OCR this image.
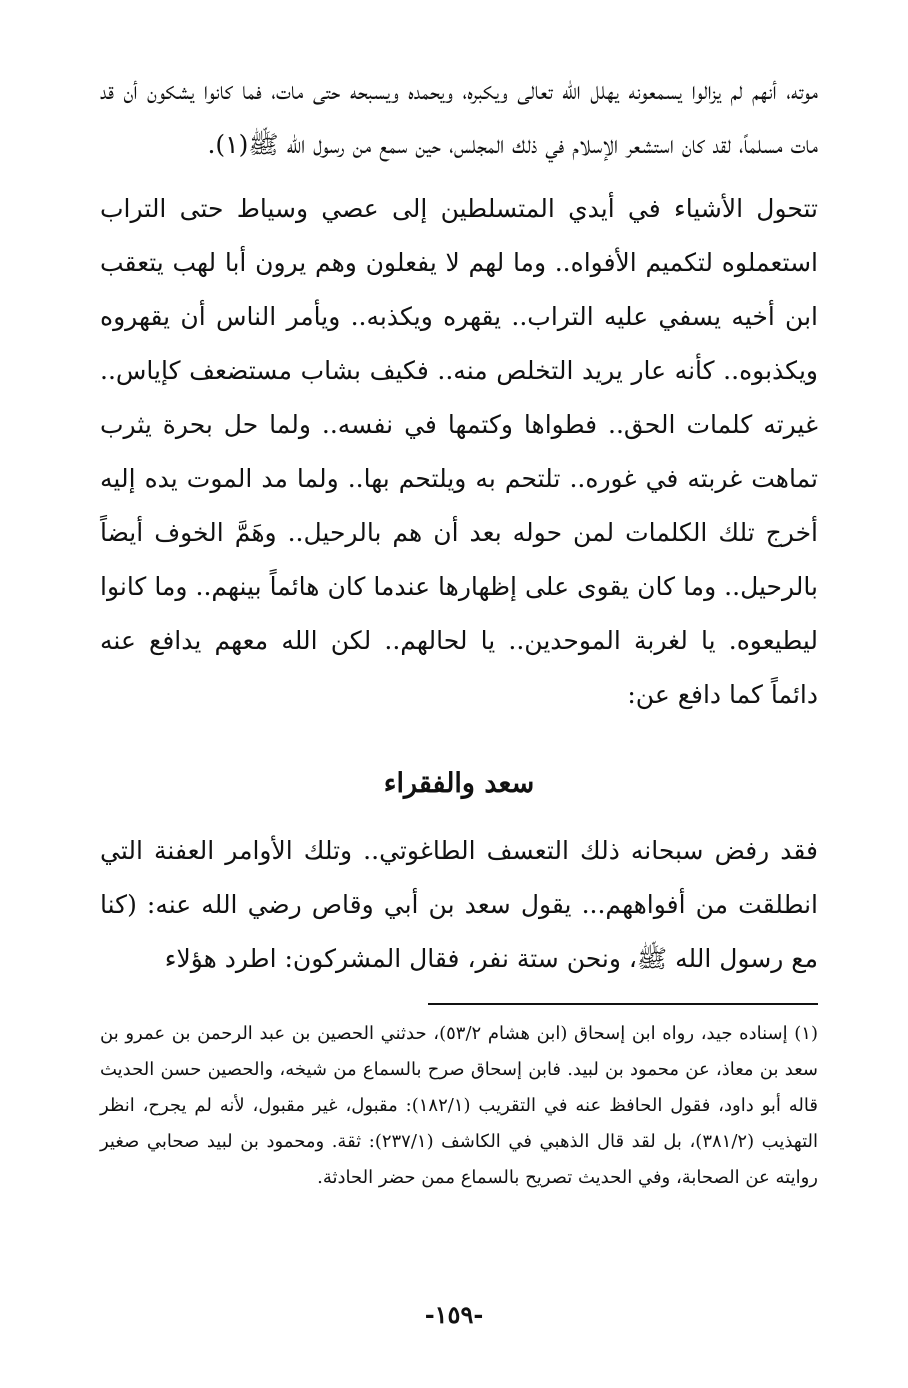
موته، أنهم لم يزالوا يسمعونه يهلل الله تعالى ويكبره، ويحمده ويسبحه حتى مات، فما كانوا يشكون أن قد مات مسلماً، لقد كان استشعر الإسلام في ذلك المجلس، حين سمع من رسول الله ﷺ(١).

تتحول الأشياء في أيدي المتسلطين إلى عصي وسياط حتى التراب استعملوه لتكميم الأفواه.. وما لهم لا يفعلون وهم يرون أبا لهب يتعقب ابن أخيه يسفي عليه التراب.. يقهره ويكذبه.. ويأمر الناس أن يقهروه ويكذبوه.. كأنه عار يريد التخلص منه.. فكيف بشاب مستضعف كإياس.. غيرته كلمات الحق.. فطواها وكتمها في نفسه.. ولما حل بحرة يثرب تماهت غربته في غوره.. تلتحم به ويلتحم بها.. ولما مد الموت يده إليه أخرج تلك الكلمات لمن حوله بعد أن هم بالرحيل.. وهَمَّ الخوف أيضاً بالرحيل.. وما كان يقوى على إظهارها عندما كان هائماً بينهم.. وما كانوا ليطيعوه. يا لغربة الموحدين.. يا لحالهم.. لكن الله معهم يدافع عنه دائماً كما دافع عن:

سعد والفقراء

فقد رفض سبحانه ذلك التعسف الطاغوتي.. وتلك الأوامر العفنة التي انطلقت من أفواههم... يقول سعد بن أبي وقاص رضي الله عنه: (كنا مع رسول الله ﷺ، ونحن ستة نفر، فقال المشركون: اطرد هؤلاء

(١) إسناده جيد، رواه ابن إسحاق (ابن هشام ٥٣/٢)، حدثني الحصين بن عبد الرحمن بن عمرو بن سعد بن معاذ، عن محمود بن لبيد. فابن إسحاق صرح بالسماع من شيخه، والحصين حسن الحديث قاله أبو داود، فقول الحافظ عنه في التقريب (١٨٢/١): مقبول، غير مقبول، لأنه لم يجرح، انظر التهذيب (٣٨١/٢)، بل لقد قال الذهبي في الكاشف (٢٣٧/١): ثقة. ومحمود بن لبيد صحابي صغير روايته عن الصحابة، وفي الحديث تصريح بالسماع ممن حضر الحادثة.

-١٥٩-
